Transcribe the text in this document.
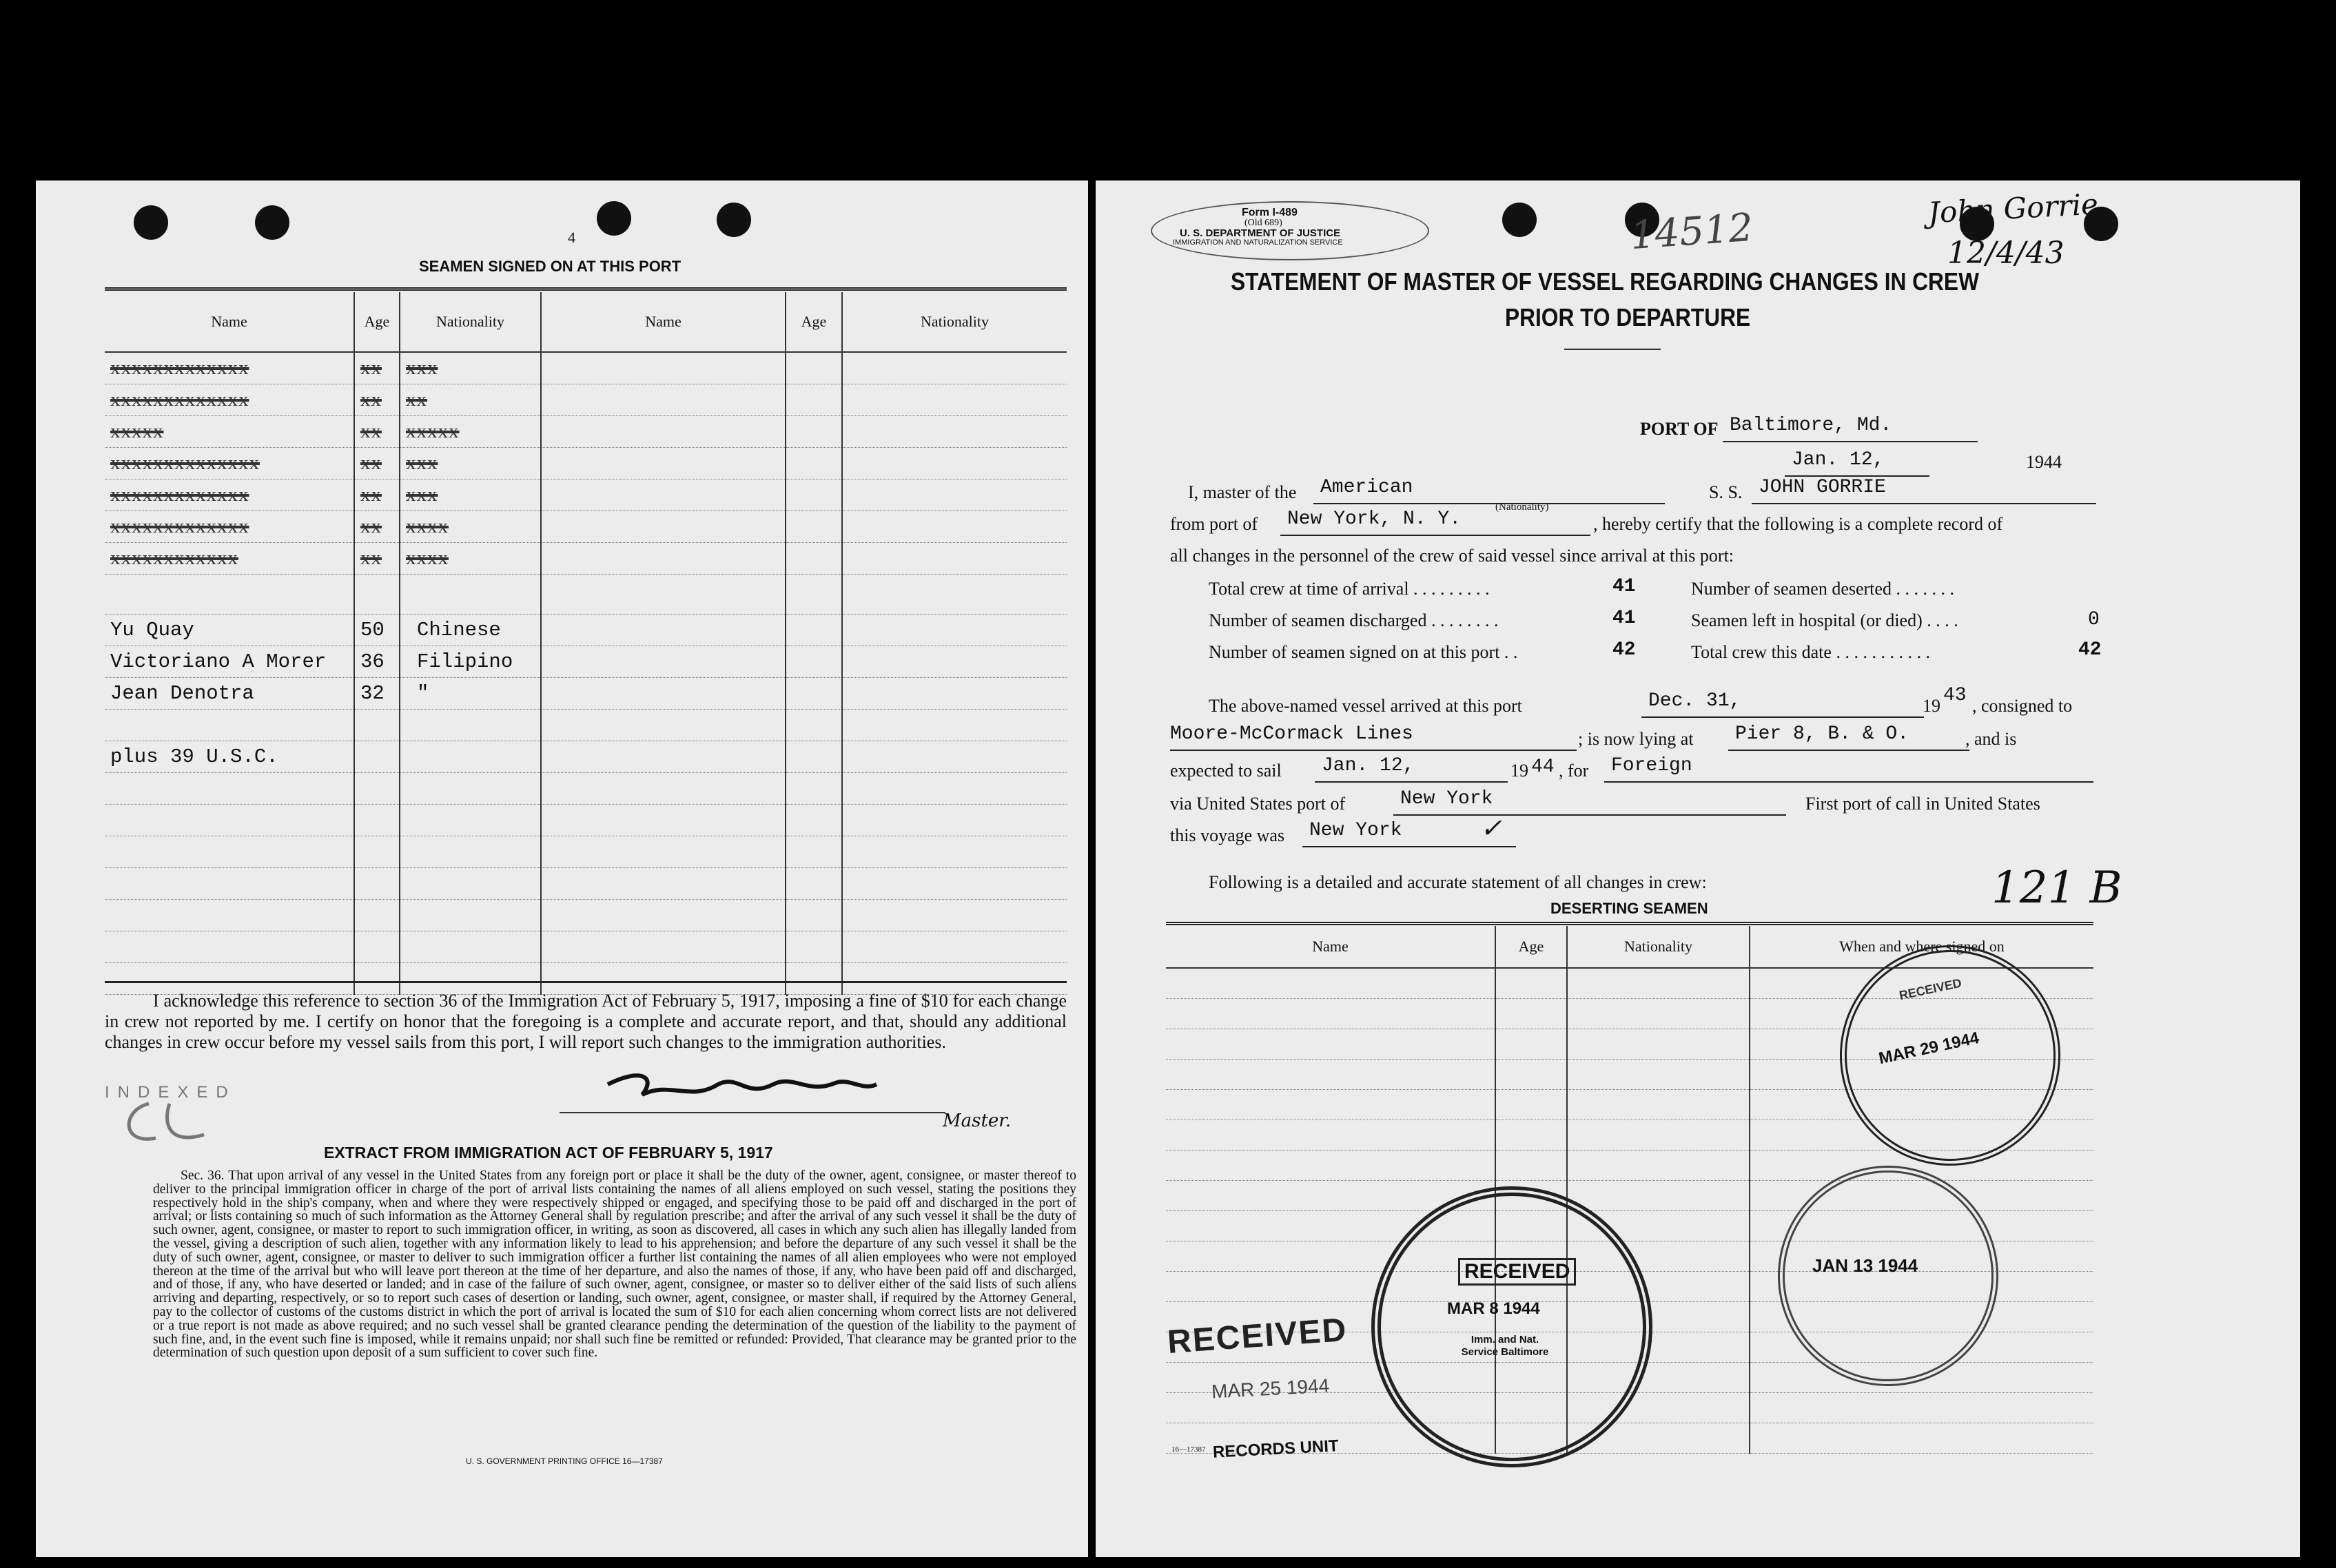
4
SEAMEN SIGNED ON AT THIS PORT
Name	Age	Nationality	Name	Age	Nationality
xxxxxxxxxxxxx	xx	xxx			
xxxxxxxxxxxxx	xx	xx			
xxxxx	xx	xxxxx			
xxxxxxxxxxxxxx	xx	xxx			
xxxxxxxxxxxxx	xx	xxx			
xxxxxxxxxxxxx	xx	xxxx			
xxxxxxxxxxxx	xx	xxxx			

Yu Quay	50	Chinese			
Victoriano A Morer	36	Filipino			
Jean Denotra	32	"			

plus 39 U.S.C.					

I acknowledge this reference to section 36 of the Immigration Act of February 5, 1917, imposing a fine of $10 for each change in crew not reported by me. I certify on honor that the foregoing is a complete and accurate report, and that, should any additional changes in crew occur before my vessel sails from this port, I will report such changes to the immigration authorities.
INDEXED
Master.
EXTRACT FROM IMMIGRATION ACT OF FEBRUARY 5, 1917
Sec. 36. That upon arrival of any vessel in the United States from any foreign port or place it shall be the duty of the owner, agent, consignee, or master thereof to deliver to the principal immigration officer in charge of the port of arrival lists containing the names of all aliens employed on such vessel, stating the positions they respectively hold in the ship's company, when and where they were respectively shipped or engaged, and specifying those to be paid off and discharged in the port of arrival; or lists containing so much of such information as the Attorney General shall by regulation prescribe; and after the arrival of any such vessel it shall be the duty of such owner, agent, consignee, or master to report to such immigration officer, in writing, as soon as discovered, all cases in which any such alien has illegally landed from the vessel, giving a description of such alien, together with any information likely to lead to his apprehension; and before the departure of any such vessel it shall be the duty of such owner, agent, consignee, or master to deliver to such immigration officer a further list containing the names of all alien employees who were not employed thereon at the time of the arrival but who will leave port thereon at the time of her departure, and also the names of those, if any, who have been paid off and discharged, and of those, if any, who have deserted or landed; and in case of the failure of such owner, agent, consignee, or master so to deliver either of the said lists of such aliens arriving and departing, respectively, or so to report such cases of desertion or landing, such owner, agent, consignee, or master shall, if required by the Attorney General, pay to the collector of customs of the customs district in which the port of arrival is located the sum of $10 for each alien concerning whom correct lists are not delivered or a true report is not made as above required; and no such vessel shall be granted clearance pending the determination of the question of the liability to the payment of such fine, and, in the event such fine is imposed, while it remains unpaid; nor shall such fine be remitted or refunded: Provided, That clearance may be granted prior to the determination of such question upon deposit of a sum sufficient to cover such fine.
U. S. GOVERNMENT PRINTING OFFICE 16—17387
Form I-489
(Old 689)
U. S. DEPARTMENT OF JUSTICE
IMMIGRATION AND NATURALIZATION SERVICE	14512	John Gorrie
12/4/43
STATEMENT OF MASTER OF VESSEL REGARDING CHANGES IN CREW
PRIOR TO DEPARTURE
PORT OF Baltimore, Md.
Jan. 12,	1944
I, master of the	American
(Nationality)
S. S. JOHN GORRIE
from port of	New York, N. Y.	, hereby certify that the following is a complete record of
all changes in the personnel of the crew of said vessel since arrival at this port:
Total crew at time of arrival . . . . . . . . .	41	Number of seamen deserted . . . . . . .
Number of seamen discharged . . . . . . . .	41	Seamen left in hospital (or died) . . . .	0
Number of seamen signed on at this port . .	42	Total crew this date . . . . . . . . . . .	42
The above-named vessel arrived at this port	Dec. 31,	19 43 , consigned to
Moore-McCormack Lines	; is now lying at	Pier 8, B. & O.	, and is
expected to sail	Jan. 12,	19 44 , for	Foreign
via United States port of	New York	First port of call in United States
this voyage was	New York	✓
Following is a detailed and accurate statement of all changes in crew:	121 B
DESERTING SEAMEN
Name	Age	Nationality	When and where signed on

RECEIVED
MAR 29 1944
RECEIVED
MAR 8 1944
Imm. and Nat. Service Baltimore
JAN 13 1944
RECEIVED
MAR 25 1944
16—17387 RECORDS UNIT
